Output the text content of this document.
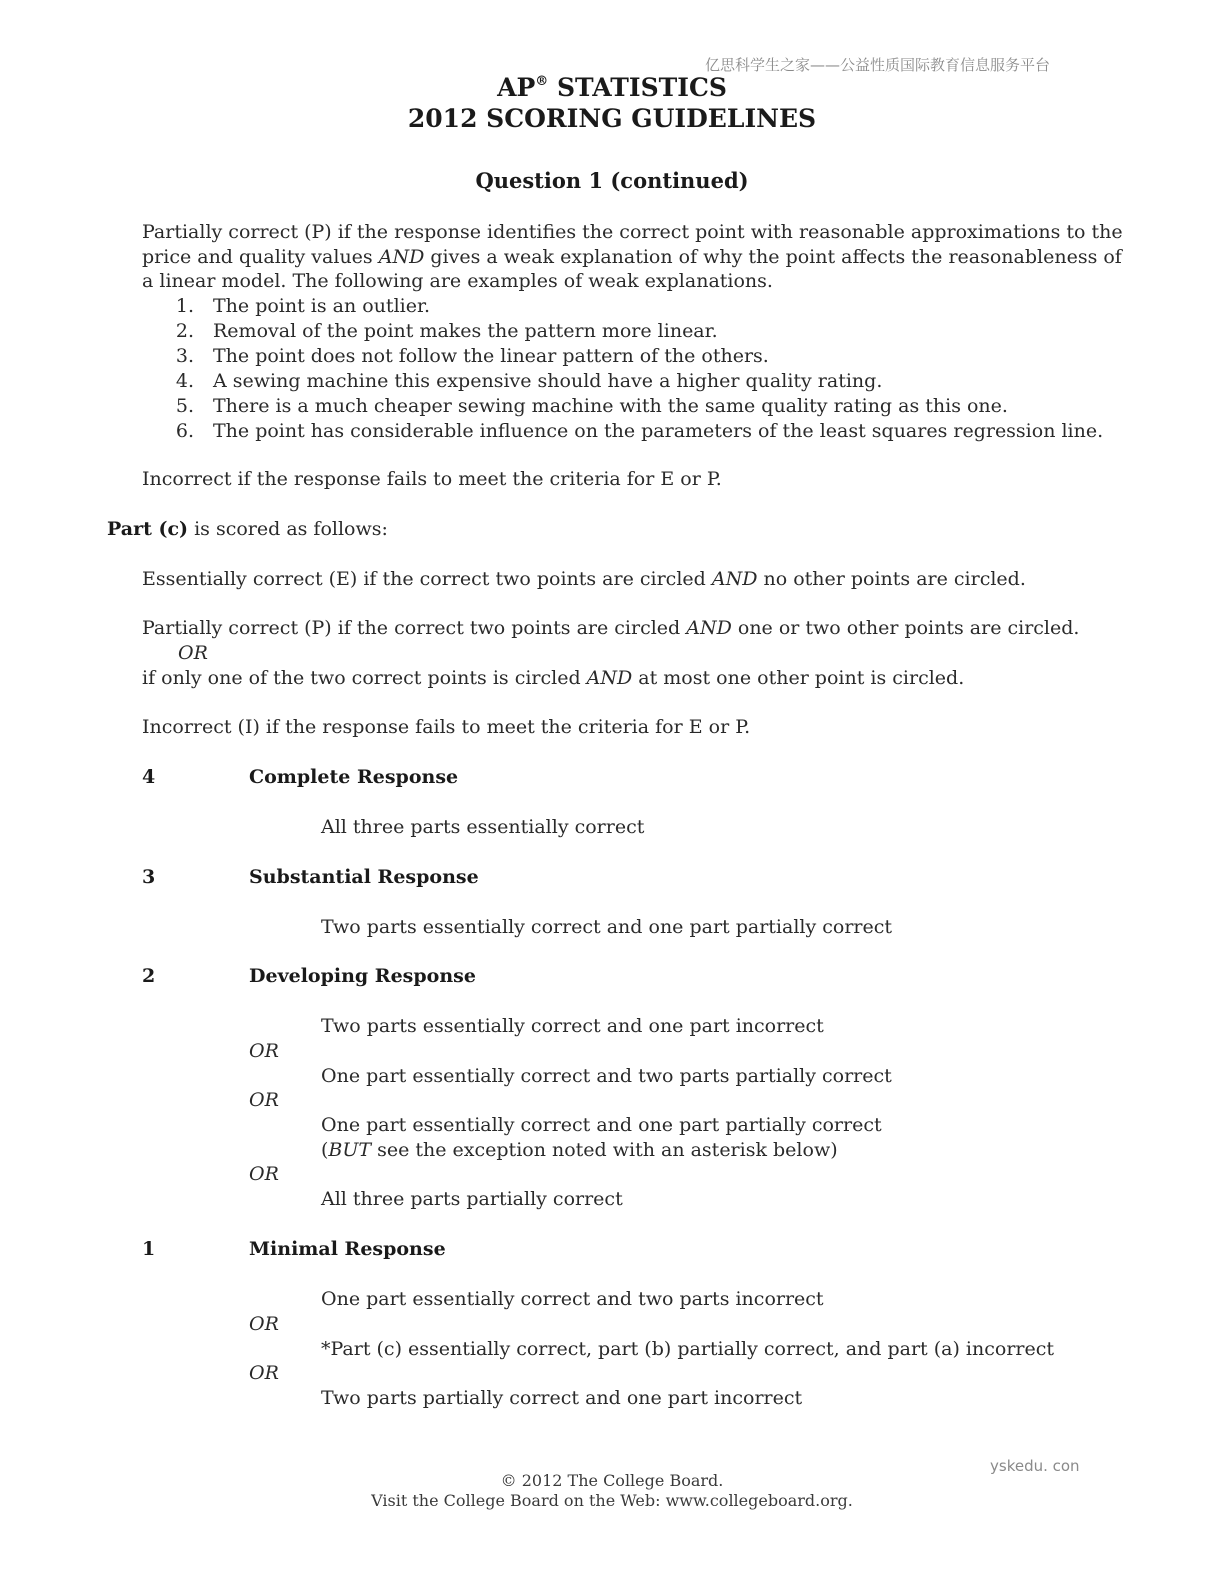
亿思科学生之家——公益性质国际教育信息服务平台
yskedu. con
AP® STATISTICS
2012 SCORING GUIDELINES
Question 1 (continued)
Partially correct (P) if the response identifies the correct point with reasonable approximations to the
price and quality values AND gives a weak explanation of why the point affects the reasonableness of
a linear model. The following are examples of weak explanations.
1. The point is an outlier.
2. Removal of the point makes the pattern more linear.
3. The point does not follow the linear pattern of the others.
4. A sewing machine this expensive should have a higher quality rating.
5. There is a much cheaper sewing machine with the same quality rating as this one.
6. The point has considerable influence on the parameters of the least squares regression line.
Incorrect if the response fails to meet the criteria for E or P.
Part (c) is scored as follows:
Essentially correct (E) if the correct two points are circled AND no other points are circled.
Partially correct (P) if the correct two points are circled AND one or two other points are circled.
OR
if only one of the two correct points is circled AND at most one other point is circled.
Incorrect (I) if the response fails to meet the criteria for E or P.
4	Complete Response
All three parts essentially correct
3	Substantial Response
Two parts essentially correct and one part partially correct
2	Developing Response
Two parts essentially correct and one part incorrect
OR
One part essentially correct and two parts partially correct
OR
One part essentially correct and one part partially correct
(BUT see the exception noted with an asterisk below)
OR
All three parts partially correct
1	Minimal Response
One part essentially correct and two parts incorrect
OR
*Part (c) essentially correct, part (b) partially correct, and part (a) incorrect
OR
Two parts partially correct and one part incorrect
© 2012 The College Board.
Visit the College Board on the Web: www.collegeboard.org.
